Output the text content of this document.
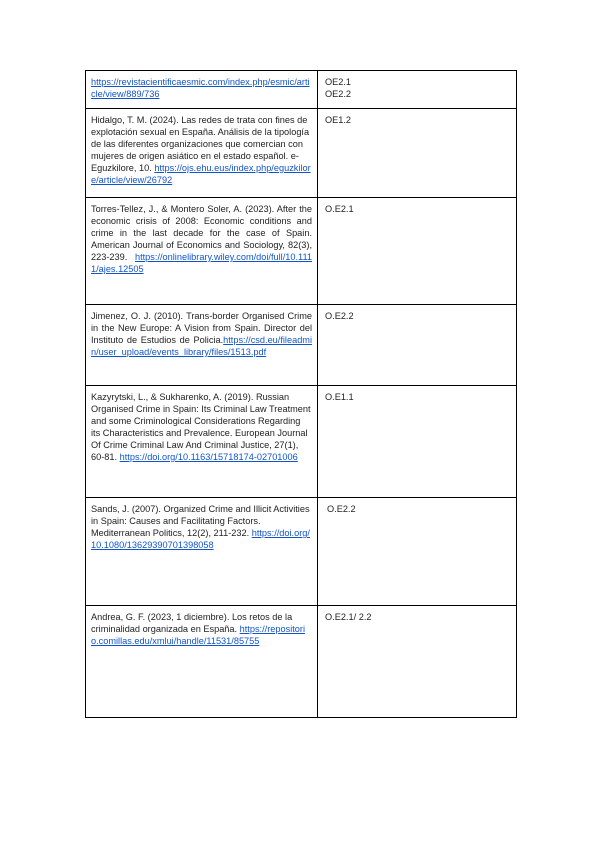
https://revistacientificaesmic.com/index.php/esmic/article/view/889/736	OE2.1
OE2.2

Hidalgo, T. M. (2024). Las redes de trata con fines de explotación sexual en España. Análisis de la tipología de las diferentes organizaciones que comercian con mujeres de origen asiático en el estado español. e-Eguzkilore, 10. https://ojs.ehu.eus/index.php/eguzkilore/article/view/26792	OE1.2

Torres-Tellez, J., & Montero Soler, A. (2023). After the economic crisis of 2008: Economic conditions and crime in the last decade for the case of Spain. American Journal of Economics and Sociology, 82(3), 223-239. https://onlinelibrary.wiley.com/doi/full/10.1111/ajes.12505	O.E2.1

Jimenez, O. J. (2010). Trans-border Organised Crime in the New Europe: A Vision from Spain. Director del Instituto de Estudios de Policia.https://csd.eu/fileadmin/user_upload/events_library/files/1513.pdf	O.E2.2

Kazyrytski, L., & Sukharenko, A. (2019). Russian Organised Crime in Spain: Its Criminal Law Treatment and some Criminological Considerations Regarding its Characteristics and Prevalence. European Journal Of Crime Criminal Law And Criminal Justice, 27(1), 60-81. https://doi.org/10.1163/15718174-02701006	O.E1.1

Sands, J. (2007). Organized Crime and Illicit Activities in Spain: Causes and Facilitating Factors. Mediterranean Politics, 12(2), 211-232. https://doi.org/10.1080/13629390701398058	O.E2.2

Andrea, G. F. (2023, 1 diciembre). Los retos de la criminalidad organizada en España. https://repositorio.comillas.edu/xmlui/handle/11531/85755	O.E2.1/ 2.2
